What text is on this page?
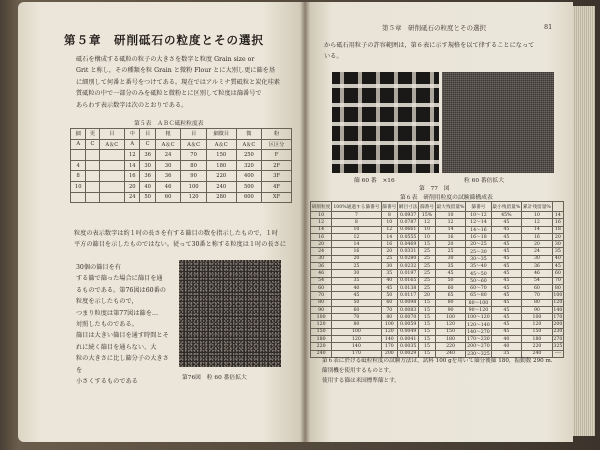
第５章　研削砥石の粒度とその選択
砥石を構成する砥粒の粒子の大きさを数字と粒度 Grain size or
Grit と称し，その種類を粒 Grain と微粉 Flour とに大別し更に篩を基
に細別して何番と番号をつけてある。現在ではアルミナ質砥粒と炭化珪素
質砥粒の中で一部分のみを砥粒と微粉とに区別して粒度は篩番号で
あらわす表示数字は次のとおりである。
第５表　ＡＢＣ砥粒粒度表
細	更	目	中	目	粗	目	細微目	微	粉
A	C	A＆C	A	C	A＆C	A＆C	A＆C	A＆C	区区分
			12	36	24	70	150	250	F
4			14	30	30	80	180	320	2F
8			16	36	36	90	220	400	3F
10			20	40	46	100	240	500	4F
			24	50	60	120	280	600	XF
粒度の表示数字は約１吋の長さを有する篩目の数を指示したもので，１吋
平方の篩目を示したものではない。従って30番と称する粒度は１吋の長さに
30個の篩目を有
する篩で篩った場合に篩目を通
るものである。第76図は60番の
粒度を示したもので，
つまり粒度は第77図は篩を…
対照したものである。
篩目は大きい篩目を通す時間とそ
れに続く篩目を通らない、大
粒の大きさに比し篩分子の大きさを
小さくするものである
第76図　粒 60 番倍拡大
第５章　研削砥石の粒度とその選択	81
から砥石用粒子の許容範囲は，第６表に示す規格を以て律することになって
いる。
篩 60 番　×16	粒 60 番倍拡大
第　77　図
第６表　研削用粒度の試験篩構成表
研削粒度	100%通過する篩番号	篩番号	網目寸法	篩番号	最大残留量%	篩番号	最小残留量%	累計残留量%	
10	7	8	0.0937	15%	10	10～12	45%	10	14
12	8	10	0.0787	12	12	12～14	45	12	16
14	10	12	0.0661	10	14	14～16	45	14	18
16	12	14	0.0555	10	16	16～18	45	16	20
20	14	16	0.0469	15	20	20～25	45	20	30
24	16	20	0.0331	25	25	25～30	45	24	35
30	20	25	0.0280	25	30	30～35	45	30	40
36	25	30	0.0232	25	35	35～40	45	36	45
46	30	35	0.0197	25	45	45～50	45	46	60
54	35	40	0.0165	25	50	50～60	45	54	70
60	40	45	0.0138	25	60	60～70	45	60	80
70	45	50	0.0117	20	65	65～80	45	70	100
80	50	60	0.0098	15	80	80～100	45	80	120
90	60	70	0.0083	15	90	90～120	45	90	140
100	70	80	0.0070	15	100	100～120	45	100	170
120	80	100	0.0059	15	120	120～140	45	120	200
150	100	120	0.0049	15	150	140～270	45	150	230
180	120	140	0.0041	15	180	170～230	40	180	270
220	140	170	0.0035	15	220	200～270	40	220	325
240	170	200	0.0029	15	240	230～325	35	240	----
第６表に於ける砥粒粒度の試験方法は，試料 100 gを用いて篩分後篩 180，振動数 290 m.
篩別機を使用するものとす。
使用する篩は米国標準篩とす。
